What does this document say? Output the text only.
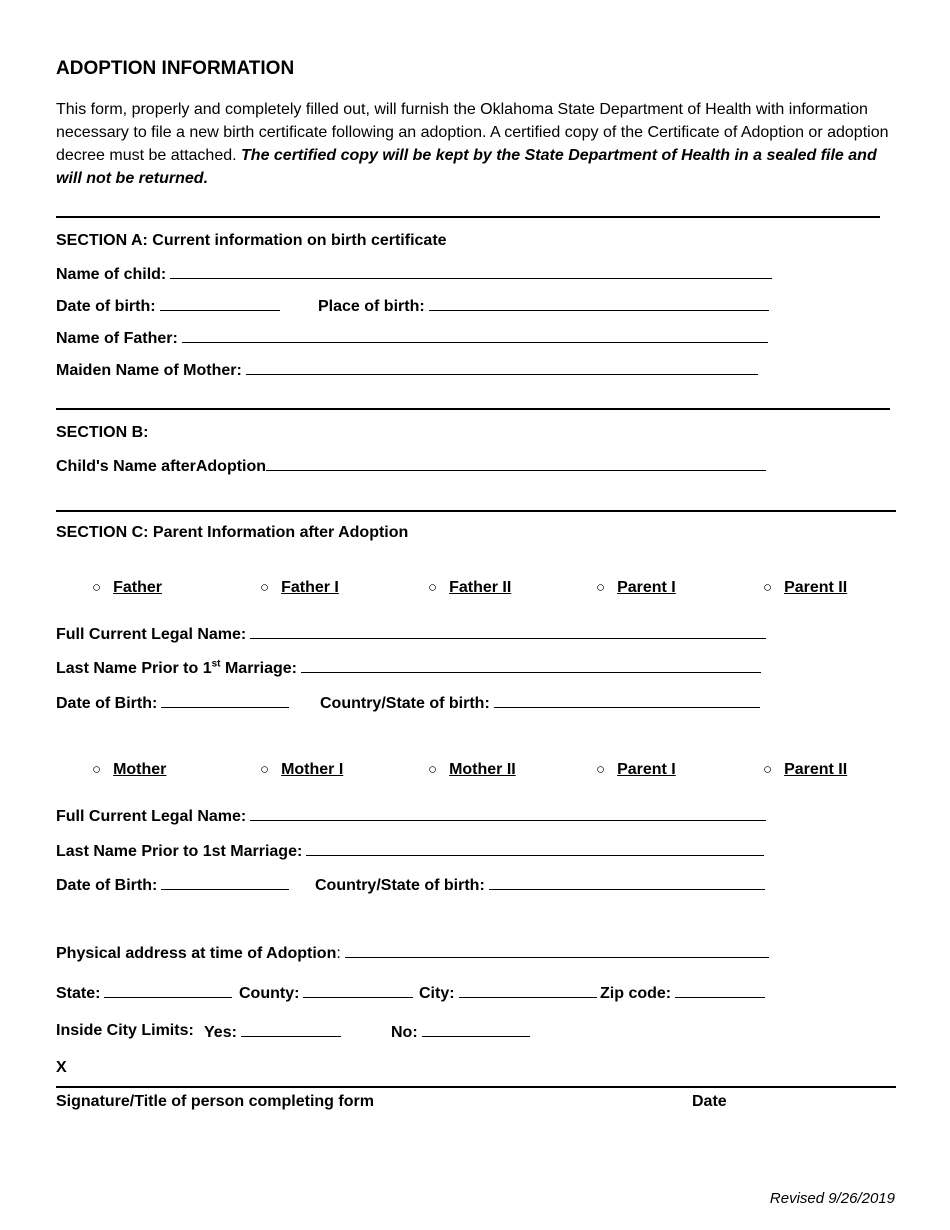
ADOPTION INFORMATION
This form, properly and completely filled out, will furnish the Oklahoma State Department of Health with information necessary to file a new birth certificate following an adoption. A certified copy of the Certificate of Adoption or adoption decree must be attached. The certified copy will be kept by the State Department of Health in a sealed file and will not be returned.
SECTION A: Current information on birth certificate
Name of child:
Date of birth:	Place of birth:
Name of Father:
Maiden Name of Mother:
SECTION B:
Child's Name afterAdoption
SECTION C: Parent Information after Adoption
○ Father	○ Father I	○ Father II	○ Parent I	○ Parent II
Full Current Legal Name:
Last Name Prior to 1st Marriage:
Date of Birth:	Country/State of birth:
○ Mother	○ Mother I	○ Mother II	○ Parent I	○ Parent II
Full Current Legal Name:
Last Name Prior to 1st Marriage:
Date of Birth:	Country/State of birth:
Physical address at time of Adoption:
State:	County:	City:	Zip code:
Inside City Limits: Yes:	No:
X
Signature/Title of person completing form	Date
Revised 9/26/2019
